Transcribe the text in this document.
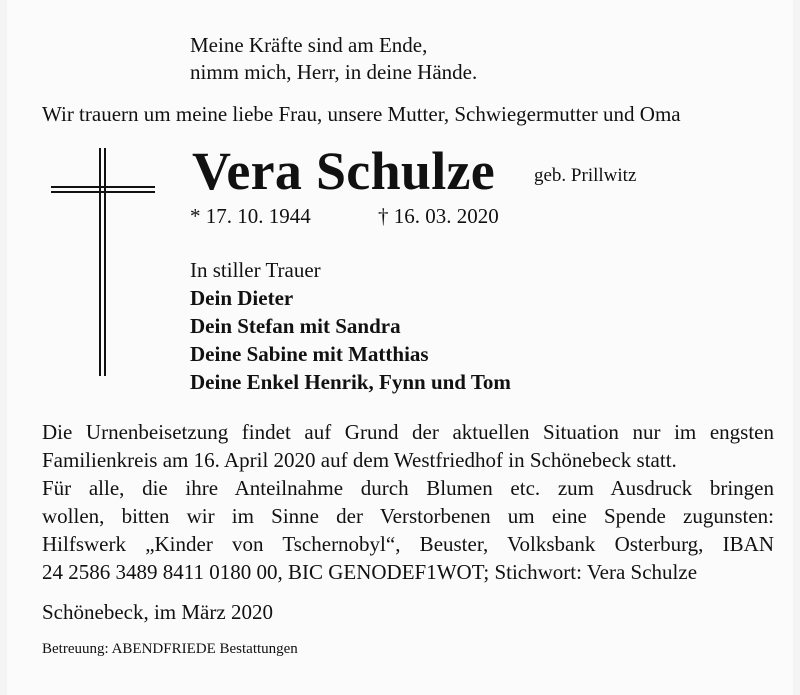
Meine Kräfte sind am Ende,
nimm mich, Herr, in deine Hände.
Wir trauern um meine liebe Frau, unsere Mutter, Schwiegermutter und Oma
Vera Schulze geb. Prillwitz
* 17. 10. 1944	† 16. 03. 2020
In stiller Trauer
Dein Dieter
Dein Stefan mit Sandra
Deine Sabine mit Matthias
Deine Enkel Henrik, Fynn und Tom
Die Urnenbeisetzung findet auf Grund der aktuellen Situation nur im engsten
Familienkreis am 16. April 2020 auf dem Westfriedhof in Schönebeck statt.
Für alle, die ihre Anteilnahme durch Blumen etc. zum Ausdruck bringen
wollen, bitten wir im Sinne der Verstorbenen um eine Spende zugunsten:
Hilfswerk „Kinder von Tschernobyl“, Beuster, Volksbank Osterburg, IBAN
24 2586 3489 8411 0180 00, BIC GENODEF1WOT; Stichwort: Vera Schulze
Schönebeck, im März 2020
Betreuung: ABENDFRIEDE Bestattungen
